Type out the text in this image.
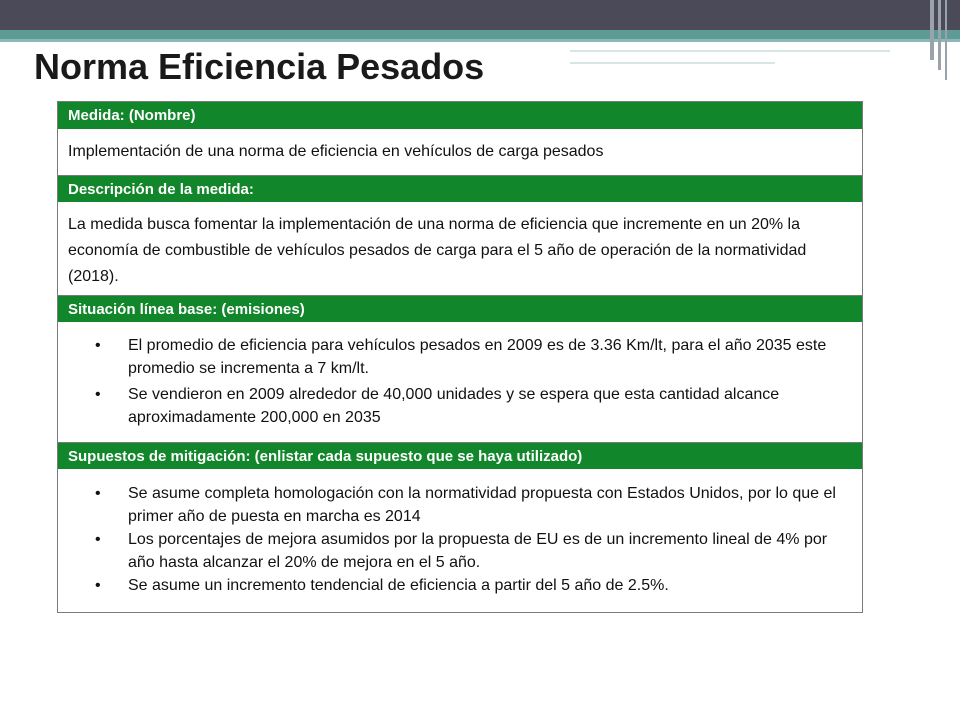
Norma Eficiencia Pesados
Medida: (Nombre)
Implementación de una norma de eficiencia en vehículos de carga pesados
Descripción de la medida:
La medida busca fomentar la implementación de una norma de eficiencia que incremente en un 20% la economía de combustible de vehículos pesados de carga para el 5 año de operación de la normatividad (2018).
Situación línea base: (emisiones)
• El promedio de eficiencia para vehículos pesados en 2009 es de 3.36 Km/lt, para el año 2035 este promedio se incrementa a 7 km/lt.
• Se vendieron en 2009 alrededor de 40,000 unidades y se espera que esta cantidad alcance aproximadamente 200,000 en 2035
Supuestos de mitigación: (enlistar cada supuesto que se haya utilizado)
• Se asume completa homologación con la normatividad propuesta con Estados Unidos, por lo que el primer año de puesta en marcha es 2014
• Los porcentajes de mejora asumidos por la propuesta de EU es de un incremento lineal de 4% por año hasta alcanzar el 20% de mejora en el 5 año.
• Se asume un incremento tendencial de eficiencia a partir del 5 año de 2.5%.
